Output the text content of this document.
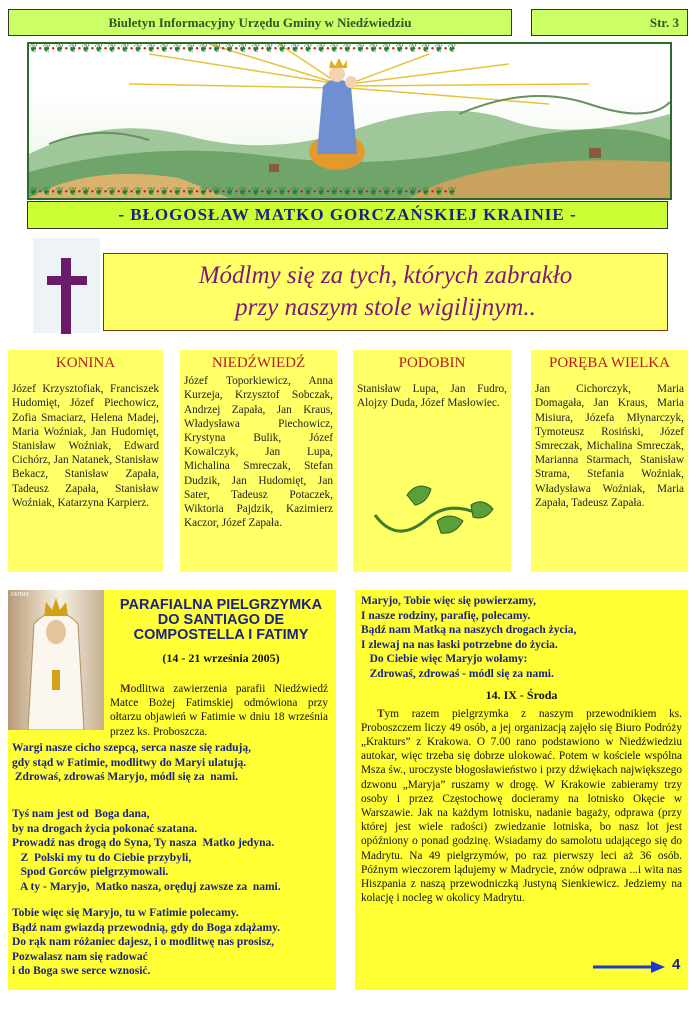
Biuletyn Informacyjny Urzędu Gminy w Niedźwiedziu	Str. 3
❦•❦•❦•❦•❦•❦•❦•❦•❦•❦•❦•❦•❦•❦•❦•❦•❦•❦•❦•❦•❦•❦•❦•❦•❦•❦•❦•❦•❦•❦•❦•❦•❦
❦•❦•❦•❦•❦•❦•❦•❦•❦•❦•❦•❦•❦•❦•❦•❦•❦•❦•❦•❦•❦•❦•❦•❦•❦•❦•❦•❦•❦•❦•❦•❦•❦
- BŁOGOSŁAW MATKO GORCZAŃSKIEJ KRAINIE -
Módlmy się za tych, których zabrakło
przy naszym stole wigilijnym..
KONINA

Józef Krzysztofiak, Franciszek Hudomięt, Józef Piechowicz, Zofia Smaciarz, Helena Madej, Maria Woźniak, Jan Hudomięt, Stanisław Woźniak, Edward Cichórz, Jan Natanek, Stanisław Bekacz, Stanisław Zapała, Tadeusz Zapała, Stanisław Woźniak, Katarzyna Karpierz.

NIEDŹWIEDŹ

Józef Toporkiewicz, Anna Kurzeja, Krzysztof Sobczak, Andrzej Zapała, Jan Kraus, Władysława Piechowicz, Krystyna Bulik, Józef Kowalczyk, Jan Lupa, Michalina Smreczak, Stefan Dudzik, Jan Hudomięt, Jan Sater, Tadeusz Potaczek, Wiktoria Pajdzik, Kazimierz Kaczor, Józef Zapała.

PODOBIN

Stanisław Lupa, Jan Fudro, Alojzy Duda, Józef Masłowiec.

PORĘBA WIELKA

Jan Cichorczyk, Maria Domagała, Jan Kraus, Maria Misiura, Józefa Młynarczyk, Tymoteusz Rosiński, Józef Smreczak, Michalina Smreczak, Marianna Starmach, Stanisław Strama, Stefania Woźniak, Władysława Woźniak, Maria Zapała, Tadeusz Zapała.

FATIMA
PARAFIALNA PIELGRZYMKA DO SANTIAGO DE COMPOSTELLA I FATIMY
(14 - 21 września 2005)
Modlitwa zawierzenia parafii Niedźwiedź Matce Bożej Fatimskiej odmówiona przy ołtarzu objawień w Fatimie w dniu 18 września przez ks. Proboszcza.
Wargi nasze cicho szepcą, serca nasze się radują,
gdy stąd w Fatimie, modlitwy do Maryi ulatują.
Zdrowaś, zdrowaś Maryjo, módl się za  nami.
Tyś nam jest od  Boga dana,
by na drogach życia pokonać szatana.
Prowadź nas drogą do Syna, Ty nasza  Matko jedyna.
Z  Polski my tu do Ciebie przybyli,
Spod Gorców pielgrzymowali.
A ty - Maryjo,  Matko nasza, orędųj zawsze za  nami.
Tobie więc się Maryjo, tu w Fatimie polecamy.
Bądź nam gwiazdą przewodnią, gdy do Boga zdążamy.
Do rąk nam różaniec dajesz, i o modlitwę nas prosisz,
Pozwalasz nam się radować
i do Boga swe serce wznosić.
Maryjo, Tobie więc się powierzamy,
I nasze rodziny, parafię, polecamy.
Bądź nam Matką na naszych drogach życia,
I zlewaj na nas łaski potrzebne do życia.
Do Ciebie więc Maryjo wołamy:
Zdrowaś, zdrowaś - módl się za nami.
14. IX - Środa
Tym razem pielgrzymka z naszym przewodnikiem ks. Proboszczem liczy 49 osób, a jej organizacją zajęło się Biuro Podróży „Krakturs” z Krakowa. O 7.00 rano podstawiono w Niedźwiedziu autokar, więc trzeba się dobrze ulokować. Potem w kościele wspólna Msza św., uroczyste błogosławieństwo i przy dźwiękach największego dzwonu „Maryja” ruszamy w drogę. W Krakowie zabieramy trzy osoby i przez Częstochowę docieramy na lotnisko Okęcie w Warszawie. Jak na każdym lotnisku, nadanie bagaży, odprawa (przy której jest wiele radości) zwiedzanie lotniska, bo nasz lot jest opóźniony o ponad godzinę. Wsiadamy do samolotu udającego się do Madrytu. Na 49 pielgrzymów, po raz pierwszy leci aż 36 osób. Późnym wieczorem lądujemy w Madrycie, znów odprawa ...i wita nas Hiszpania z naszą przewodniczką Justyną Sienkiewicz. Jedziemy na kolację i nocleg w okolicy Madrytu.
4
